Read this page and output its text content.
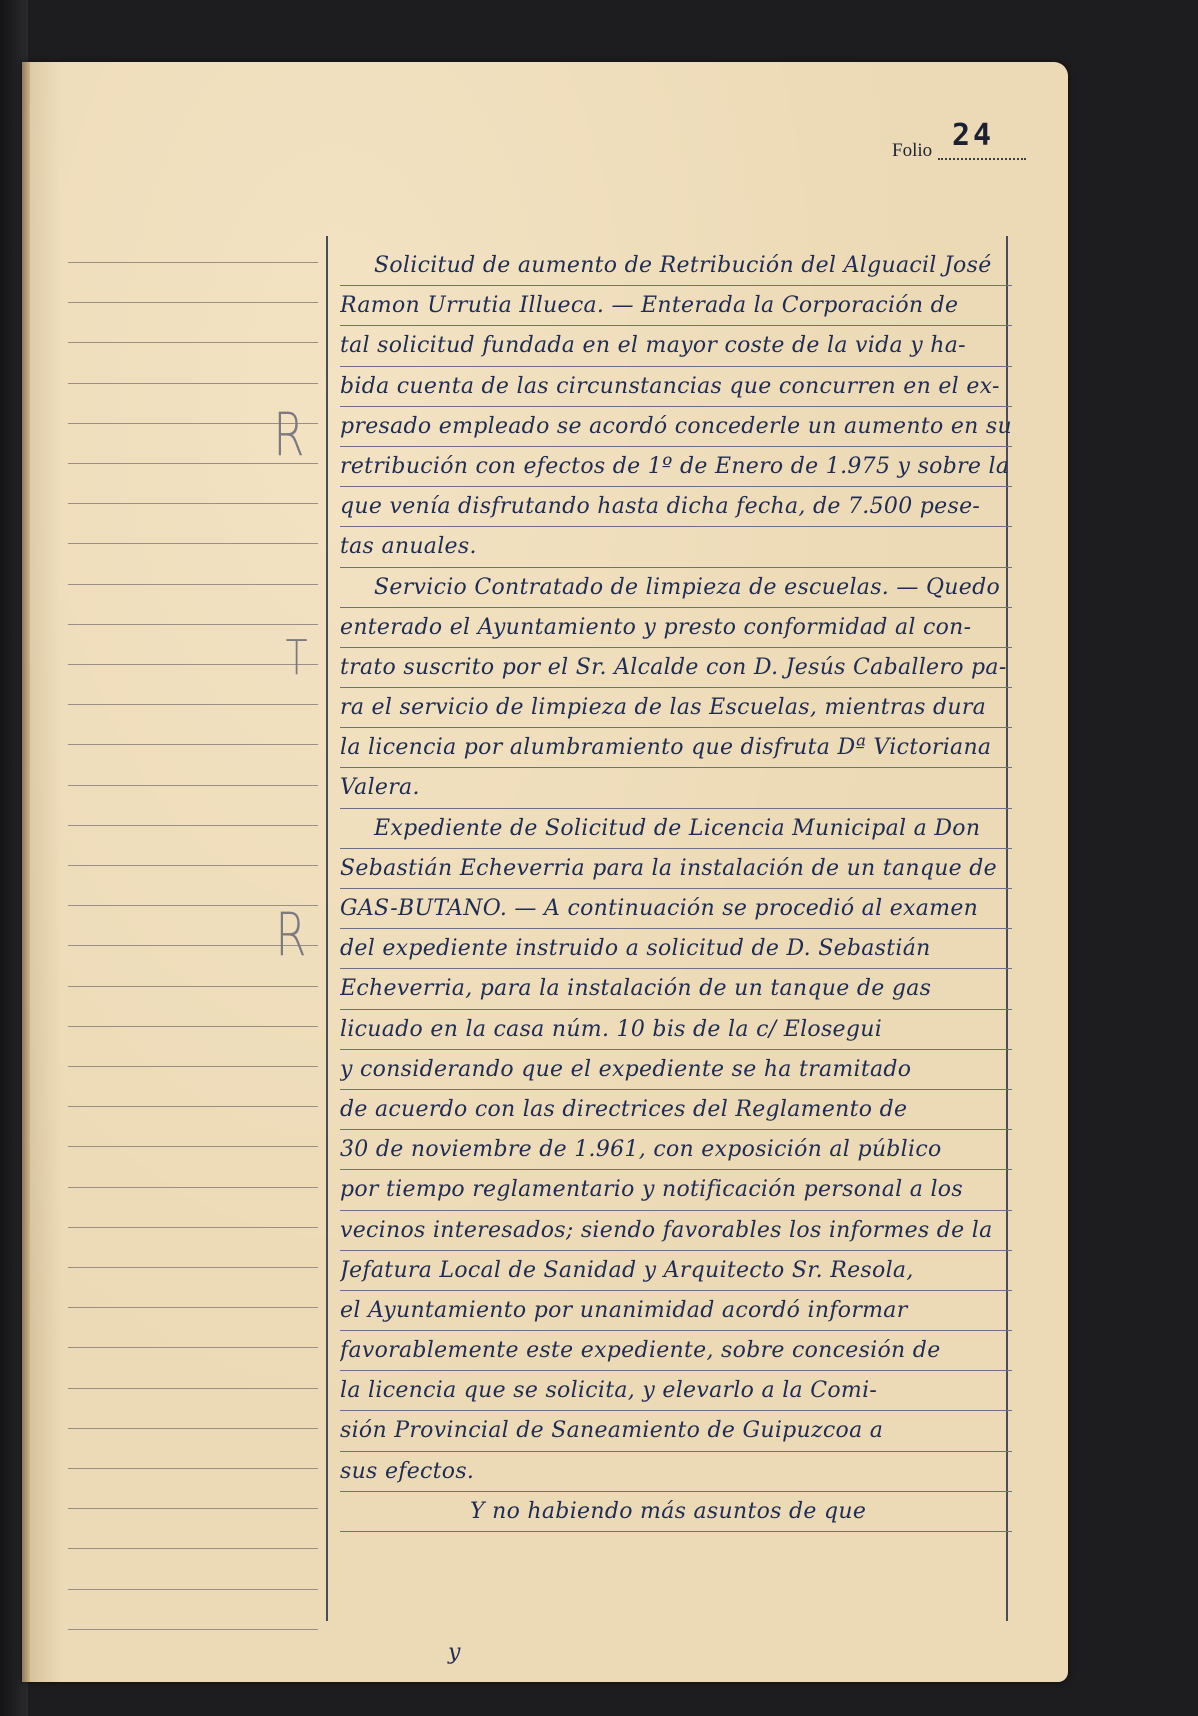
Folio 24
R
T
R
Solicitud de aumento de Retribución del Alguacil José
Ramon Urrutia Illueca. — Enterada la Corporación de
tal solicitud fundada en el mayor coste de la vida y ha-
bida cuenta de las circunstancias que concurren en el ex-
presado empleado se acordó concederle un aumento en su
retribución con efectos de 1º de Enero de 1.975 y sobre la
que venía disfrutando hasta dicha fecha, de 7.500 pese-
tas anuales.
Servicio Contratado de limpieza de escuelas. — Quedo
enterado el Ayuntamiento y presto conformidad al con-
trato suscrito por el Sr. Alcalde con D. Jesús Caballero pa-
ra el servicio de limpieza de las Escuelas, mientras dura
la licencia por alumbramiento que disfruta Dª Victoriana
Valera.
Expediente de Solicitud de Licencia Municipal a Don
Sebastián Echeverria para la instalación de un tanque de
GAS-BUTANO. — A continuación se procedió al examen
del expediente instruido a solicitud de D. Sebastián
Echeverria, para la instalación de un tanque de gas
licuado en la casa núm. 10 bis de la c/ Elosegui
y considerando que el expediente se ha tramitado
de acuerdo con las directrices del Reglamento de
30 de noviembre de 1.961, con exposición al público
por tiempo reglamentario y notificación personal a los
vecinos interesados; siendo favorables los informes de la
Jefatura Local de Sanidad y Arquitecto Sr. Resola,
el Ayuntamiento por unanimidad acordó informar
favorablemente este expediente, sobre concesión de
la licencia que se solicita, y elevarlo a la Comi-
sión Provincial de Saneamiento de Guipuzcoa a
sus efectos.
Y no habiendo más asuntos de que
y
